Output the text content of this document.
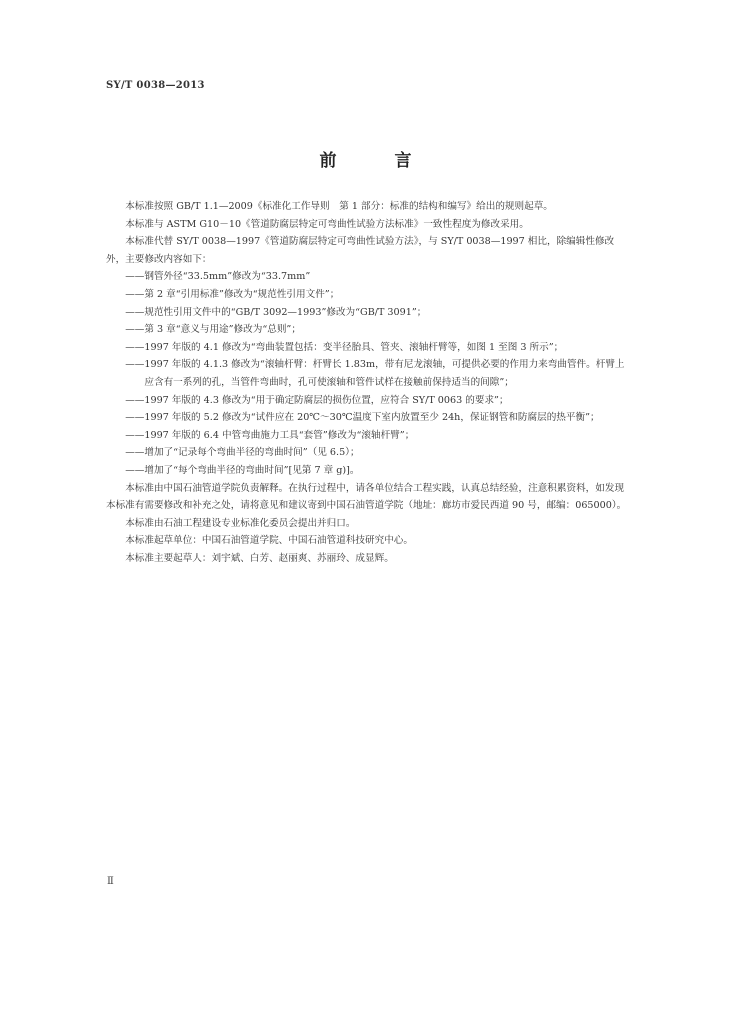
SY/T 0038—2013
前 言

本标准按照 GB/T 1.1—2009《标准化工作导则　第 1 部分：标准的结构和编写》给出的规则起草。

本标准与 ASTM G10－10《管道防腐层特定可弯曲性试验方法标准》一致性程度为修改采用。

本标准代替 SY/T 0038—1997《管道防腐层特定可弯曲性试验方法》，与 SY/T 0038—1997 相比，除编辑性修改外，主要修改内容如下：

——钢管外径“33.5mm”修改为“33.7mm”

——第 2 章“引用标准”修改为“规范性引用文件”；

——规范性引用文件中的“GB/T 3092—1993”修改为“GB/T 3091”；

——第 3 章“意义与用途”修改为“总则”；

——1997 年版的 4.1 修改为“弯曲装置包括：变半径胎具、管夹、滚轴杆臂等，如图 1 至图 3 所示”；

——1997 年版的 4.1.3 修改为“滚轴杆臂：杆臂长 1.83m，带有尼龙滚轴，可提供必要的作用力来弯曲管件。杆臂上应含有一系列的孔，当管件弯曲时，孔可使滚轴和管件试样在接触前保持适当的间隙”；

——1997 年版的 4.3 修改为“用于确定防腐层的损伤位置，应符合 SY/T 0063 的要求”；

——1997 年版的 5.2 修改为“试件应在 20℃～30℃温度下室内放置至少 24h，保证钢管和防腐层的热平衡”；

——1997 年版的 6.4 中管弯曲施力工具“套管”修改为“滚轴杆臂”；

——增加了“记录每个弯曲半径的弯曲时间”（见 6.5）；

——增加了“每个弯曲半径的弯曲时间”[见第 7 章 g)]。

本标准由中国石油管道学院负责解释。在执行过程中，请各单位结合工程实践，认真总结经验，注意积累资料，如发现本标准有需要修改和补充之处，请将意见和建议寄到中国石油管道学院（地址：廊坊市爱民西道 90 号，邮编：065000）。

本标准由石油工程建设专业标准化委员会提出并归口。

本标准起草单位：中国石油管道学院、中国石油管道科技研究中心。

本标准主要起草人：刘宇斌、白芳、赵丽爽、苏丽玲、成显辉。

Ⅱ
